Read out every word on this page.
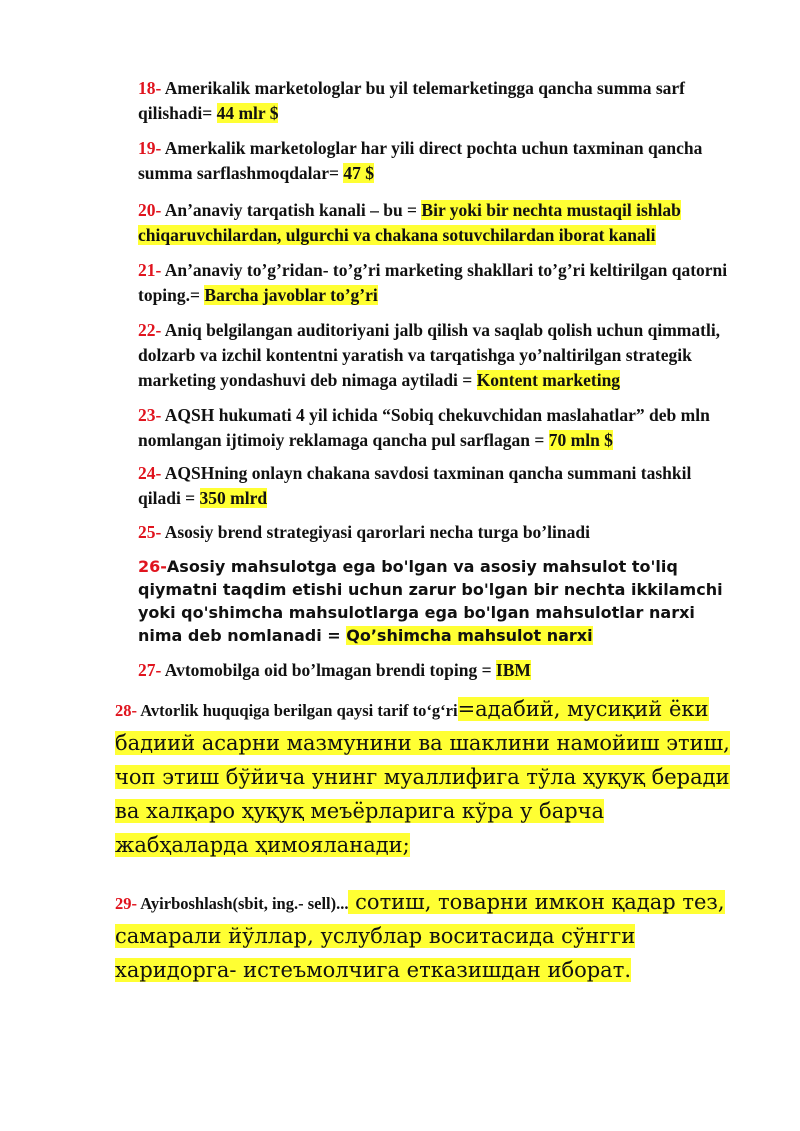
18- Amerikalik marketologlar bu yil telemarketingga qancha summa sarf qilishadi= 44 mlr $
19- Amerkalik marketologlar har yili direct pochta uchun taxminan qancha summa sarflashmoqdalar= 47 $
20- An’anaviy tarqatish kanali – bu = Bir yoki bir nechta mustaqil ishlab chiqaruvchilardan, ulgurchi va chakana sotuvchilardan iborat kanali
21- An’anaviy to’g’ridan- to’g’ri marketing shakllari to’g’ri keltirilgan qatorni toping.= Barcha javoblar to’g’ri
22- Aniq belgilangan auditoriyani jalb qilish va saqlab qolish uchun qimmatli, dolzarb va izchil kontentni yaratish va tarqatishga yo’naltirilgan strategik marketing yondashuvi deb nimaga aytiladi = Kontent marketing
23- AQSH hukumati 4 yil ichida “Sobiq chekuvchidan maslahatlar” deb mln nomlangan ijtimoiy reklamaga qancha pul sarflagan = 70 mln $
24- AQSHning onlayn chakana savdosi taxminan qancha summani tashkil qiladi = 350 mlrd
25- Asosiy brend strategiyasi qarorlari necha turga bo’linadi
26-Asosiy mahsulotga ega bo'lgan va asosiy mahsulot to'liq qiymatni taqdim etishi uchun zarur bo'lgan bir nechta ikkilamchi yoki qo'shimcha mahsulotlarga ega bo'lgan mahsulotlar narxi nima deb nomlanadi = Qo’shimcha mahsulot narxi
27- Avtomobilga oid bo’lmagan brendi toping = IBM
28- Avtorlik huquqiga berilgan qaysi tarif to‘g‘ri=адабий, мусиқий ёки бадиий асарни мазмунини ва шаклини намойиш этиш, чоп этиш бўйича унинг муаллифига тўла ҳуқуқ беради ва халқаро ҳуқуқ меъёрларига кўра у барча жабҳаларда ҳимояланади;
29- Ayirboshlash(sbit, ing.- sell)... сотиш, товарни имкон қадар тез, самарали йўллар, услублар воситасида сўнгги харидорга- истеъмолчига етказишдан иборат.
